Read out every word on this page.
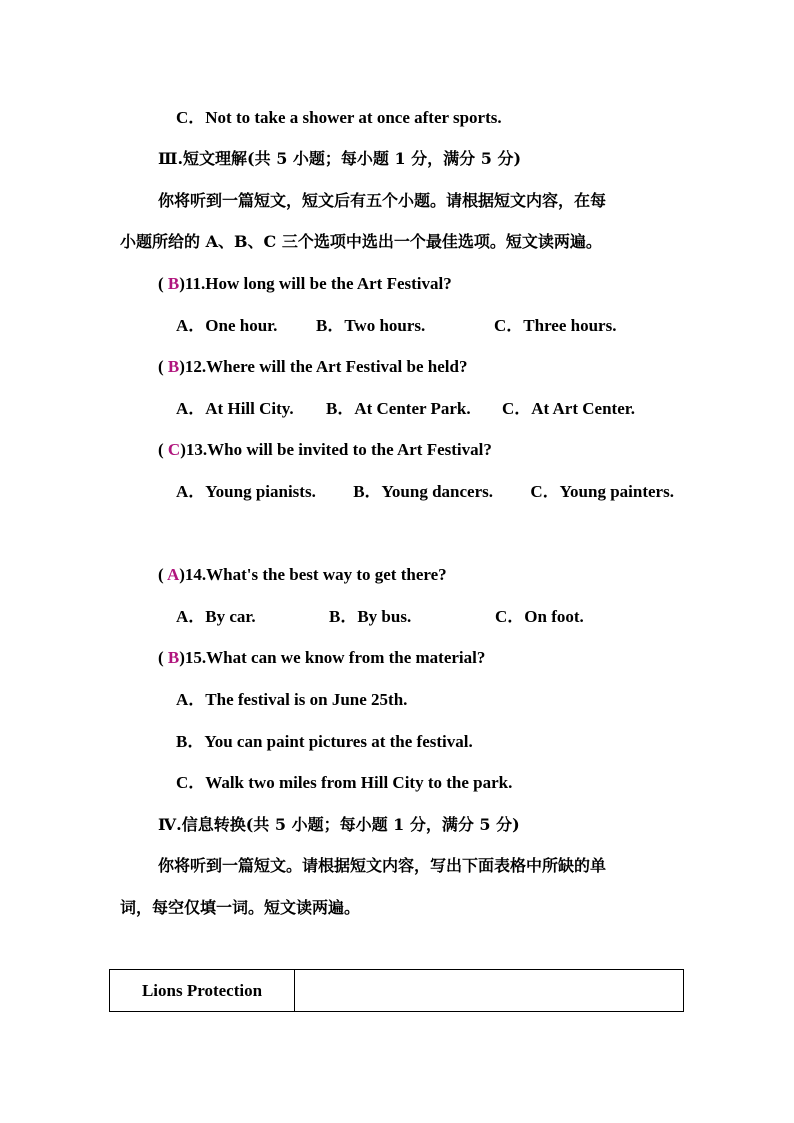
C．Not to take a shower at once after sports.
Ⅲ.短文理解(共 5 小题；每小题 1 分，满分 5 分)
你将听到一篇短文，短文后有五个小题。请根据短文内容，在每
小题所给的 A、B、C 三个选项中选出一个最佳选项。短文读两遍。
( B)11.How long will be the Art Festival?
A．One hour. B．Two hours.	C．Three hours.
( B)12.Where will the Art Festival be held?
A．At Hill City. B．At Center Park. C．At Art Center.
( C)13.Who will be invited to the Art Festival?
A．Young pianists. B．Young dancers. C．Young painters.
( A)14.What's the best way to get there?
A．By car.	B．By bus.	C．On foot.
( B)15.What can we know from the material?
A．The festival is on June 25th.
B．You can paint pictures at the festival.
C．Walk two miles from Hill City to the park.
Ⅳ.信息转换(共 5 小题；每小题 1 分，满分 5 分)
你将听到一篇短文。请根据短文内容，写出下面表格中所缺的单
词，每空仅填一词。短文读两遍。
Lions Protection
